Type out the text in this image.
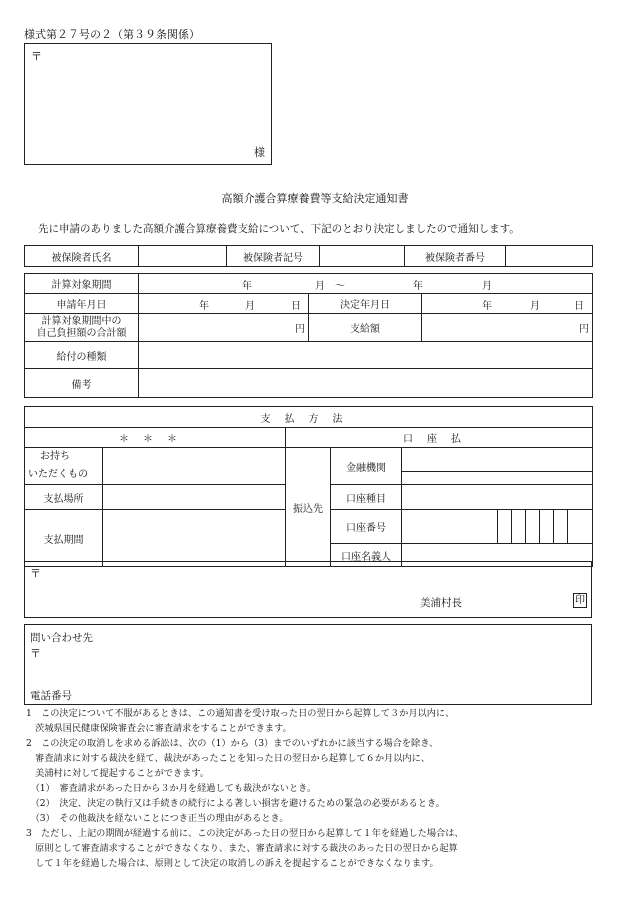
様式第２７号の２（第３９条関係）
〒
様
高額介護合算療養費等支給決定通知書
先に申請のありました高額介護合算療養費支給について、下記のとおり決定しましたので通知します。
被保険者氏名		被保険者記号		被保険者番号	
計算対象期間	年 月 ～ 年 月		

申請年月日	年 月 日	決定年月日	年 月 日

計算対象期間中の
自己負担額の合計額	円	支給額	円
給付の種類			
備考			
支払方法										
＊＊＊		口座払								
お持ち
いただくもの		振込先	金融機関							

支払場所			口座種目							
支払期間			口座番号							
			口座名義人							
〒
美浦村長	印
問い合わせ先
〒
電話番号
1　この決定について不服があるときは、この通知書を受け取った日の翌日から起算して３か月以内に、
　茨城県国民健康保険審査会に審査請求をすることができます。
2　この決定の取消しを求める訴訟は、次の（1）から（3）までのいずれかに該当する場合を除き、
　審査請求に対する裁決を経て、裁決があったことを知った日の翌日から起算して６か月以内に、
　美浦村に対して提起することができます。
　（1）　審査請求があった日から３か月を経過しても裁決がないとき。
　（2）　決定、決定の執行又は手続きの続行による著しい損害を避けるための緊急の必要があるとき。
　（3）　その他裁決を経ないことにつき正当の理由があるとき。
3　ただし、上記の期間が経過する前に、この決定があった日の翌日から起算して１年を経過した場合は、
　原則として審査請求することができなくなり、また、審査請求に対する裁決のあった日の翌日から起算
　して１年を経過した場合は、原則として決定の取消しの訴えを提起することができなくなります。
